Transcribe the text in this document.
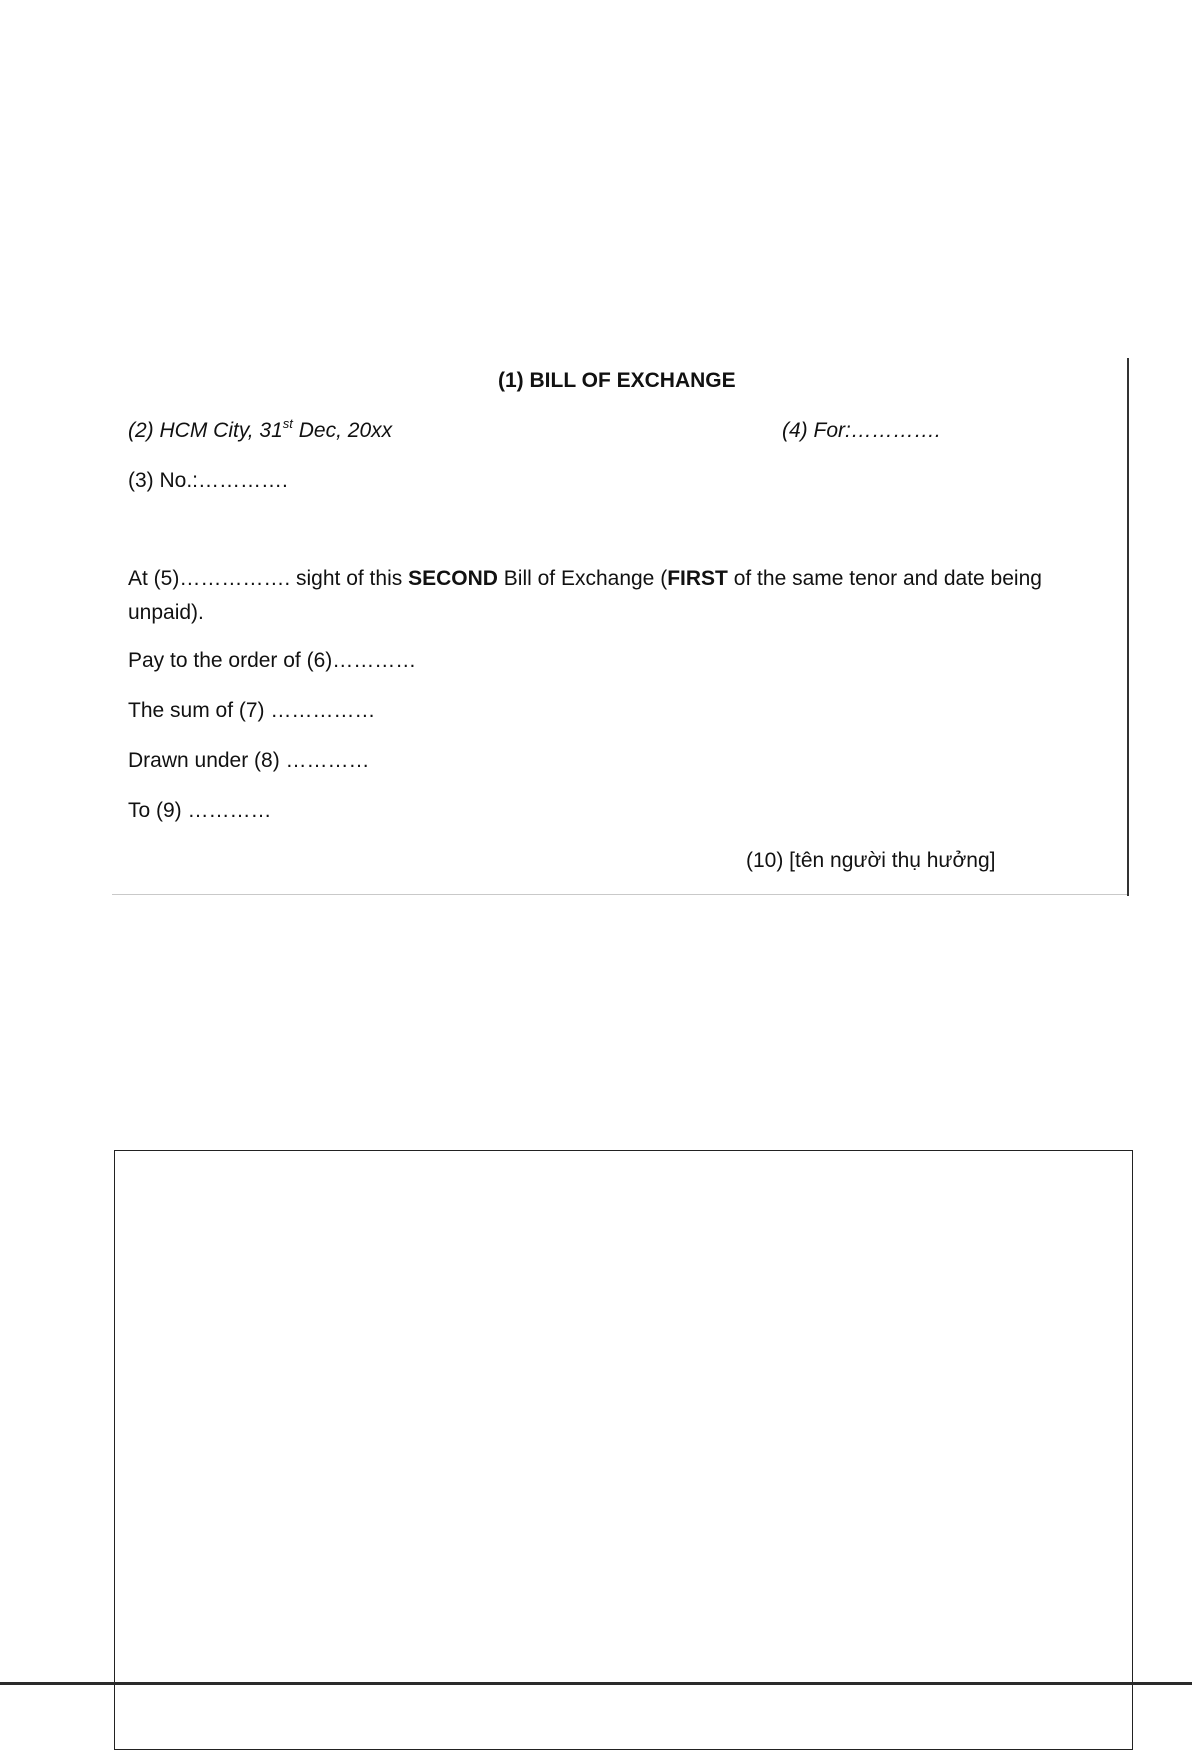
(1) BILL OF EXCHANGE
(2) HCM City, 31st Dec, 20xx	(4) For:………….
(3) No.:………….
At (5)……………. sight of this SECOND Bill of Exchange (FIRST of the same tenor and date being
unpaid).
Pay to the order of (6)…………
The sum of (7) ……………
Drawn under (8) …………
To (9) …………
(10) [tên người thụ hưởng]
